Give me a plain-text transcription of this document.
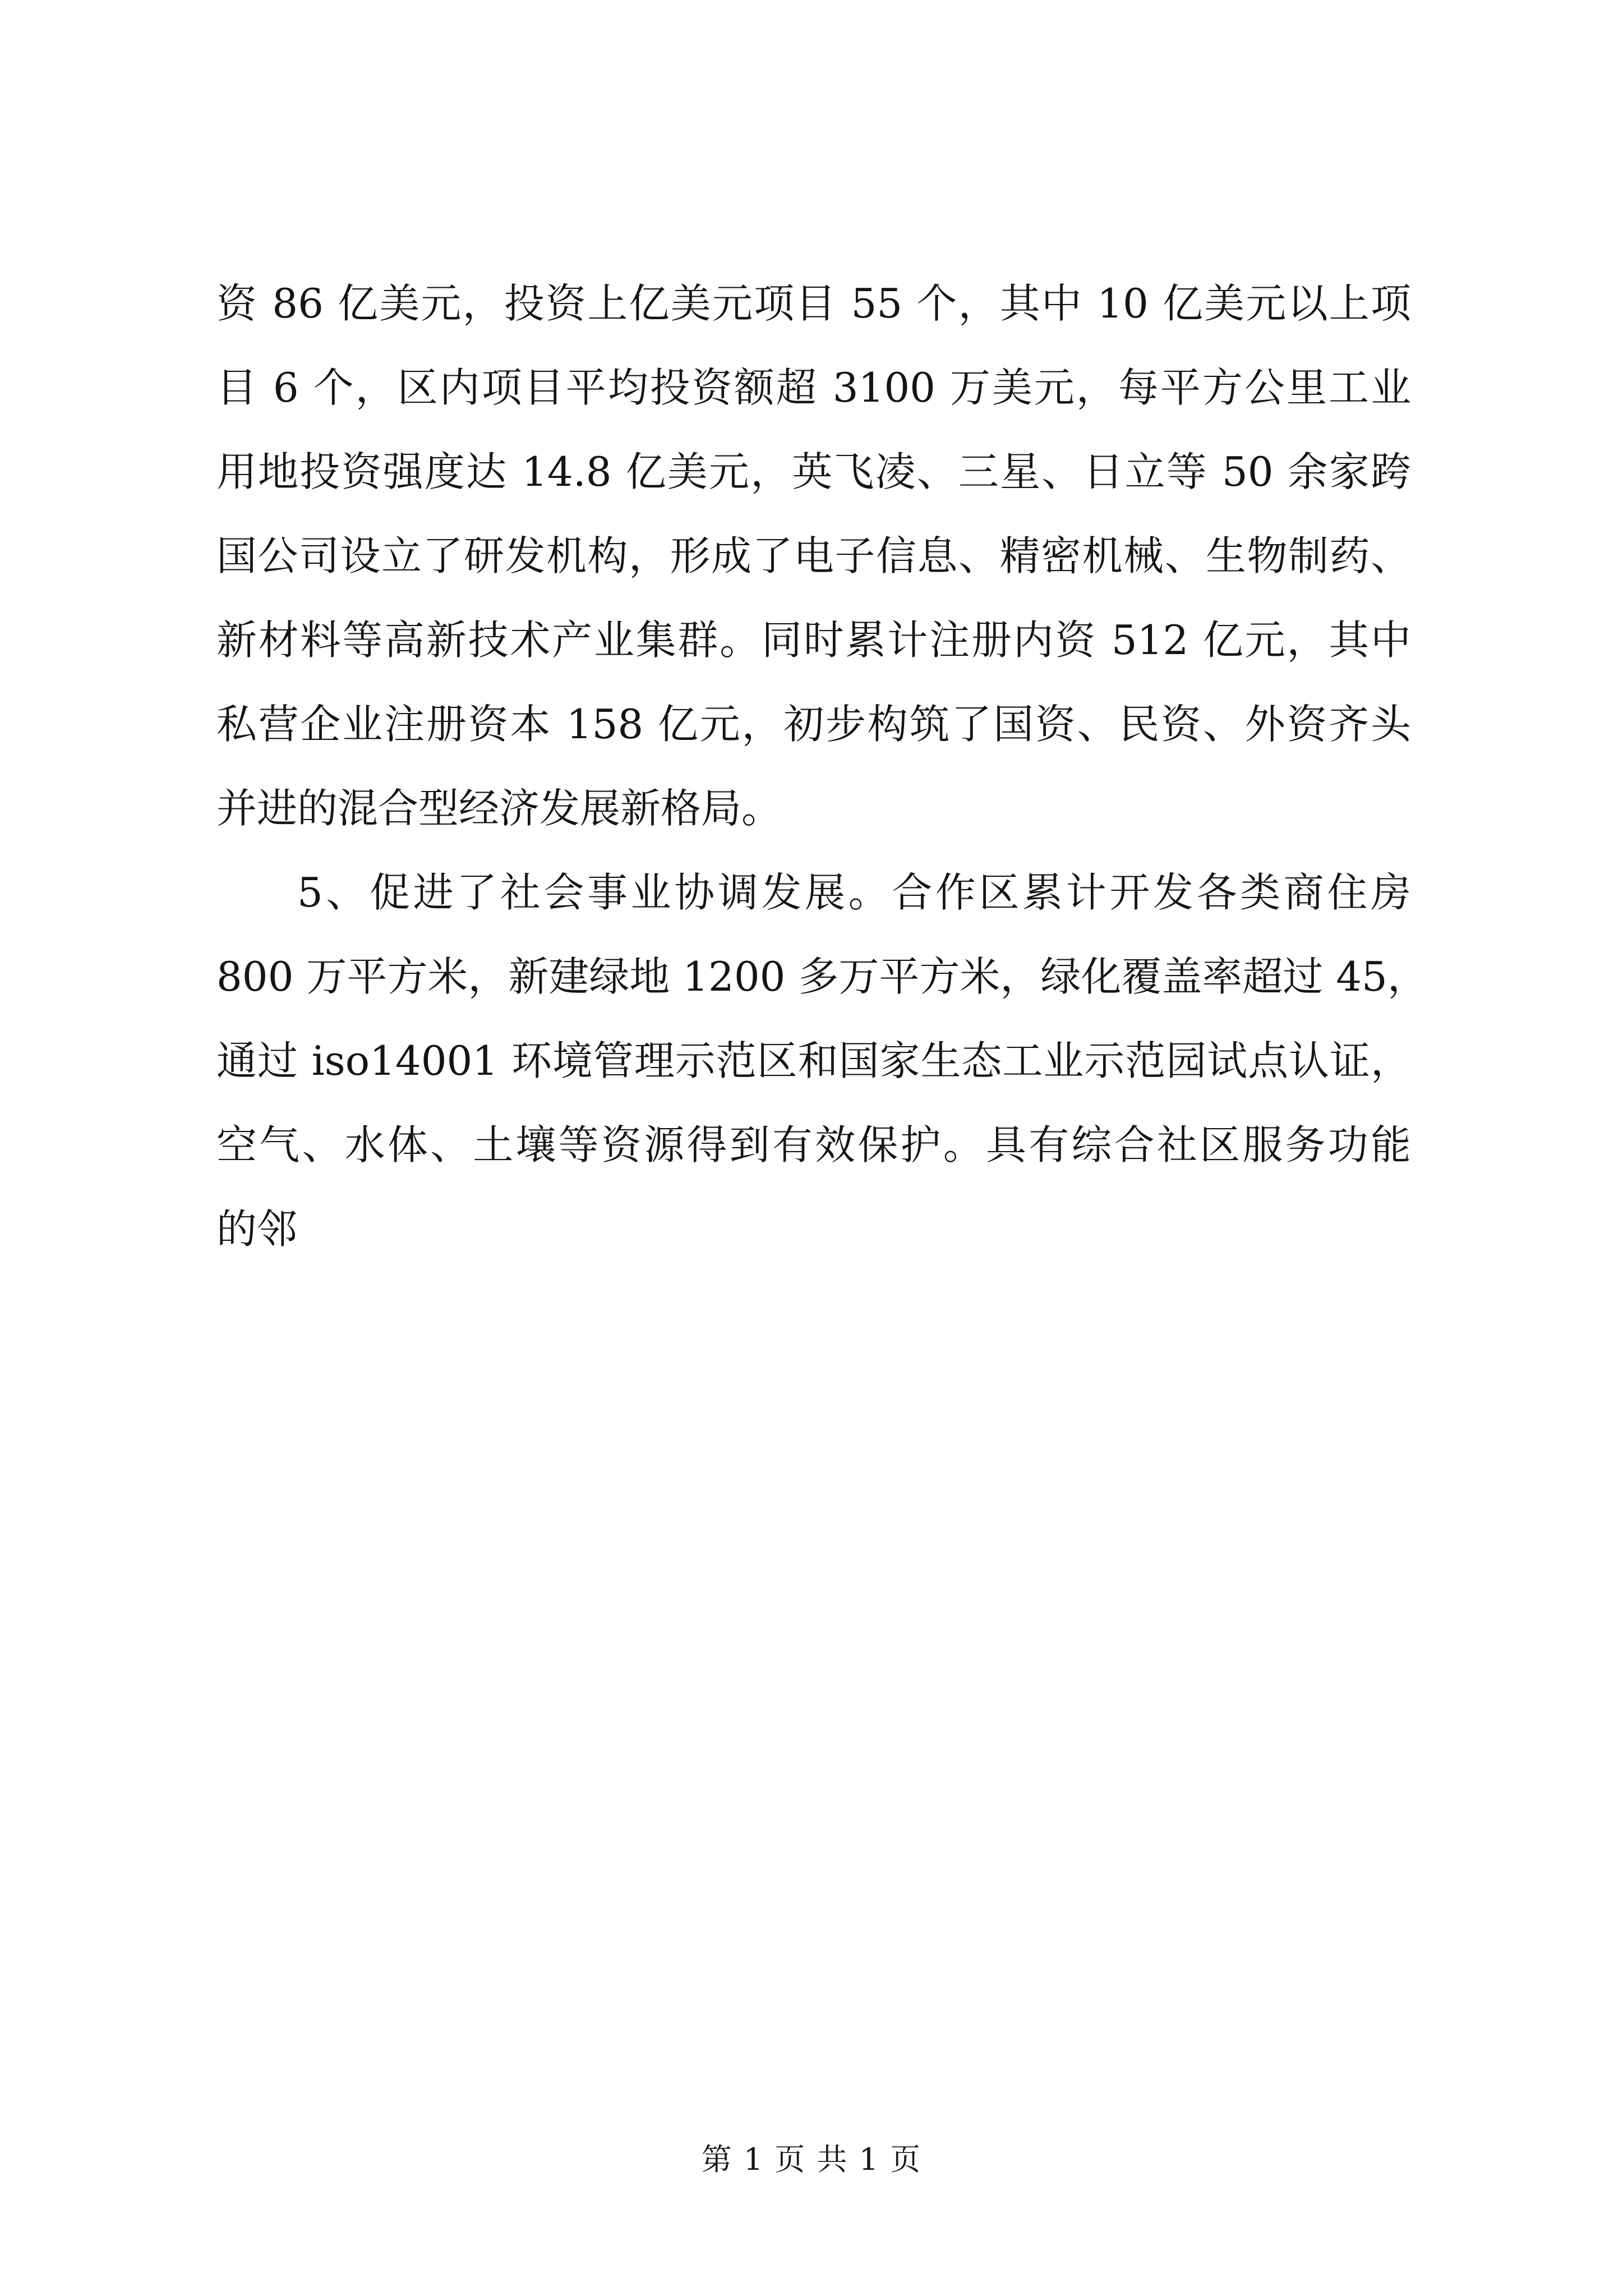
资 86 亿美元，投资上亿美元项目 55 个，其中 10 亿美元以上项
目 6 个，区内项目平均投资额超 3100 万美元，每平方公里工业
用地投资强度达 14.8 亿美元，英飞凌、三星、日立等 50 余家跨
国公司设立了研发机构，形成了电子信息、精密机械、生物制药、
新材料等高新技术产业集群。同时累计注册内资 512 亿元，其中
私营企业注册资本 158 亿元，初步构筑了国资、民资、外资齐头
并进的混合型经济发展新格局。
5、促进了社会事业协调发展。合作区累计开发各类商住房
800 万平方米，新建绿地 1200 多万平方米，绿化覆盖率超过 45，
通过 iso14001 环境管理示范区和国家生态工业示范园试点认证，
空气、水体、土壤等资源得到有效保护。具有综合社区服务功能
的邻
第 1 页 共 1 页
